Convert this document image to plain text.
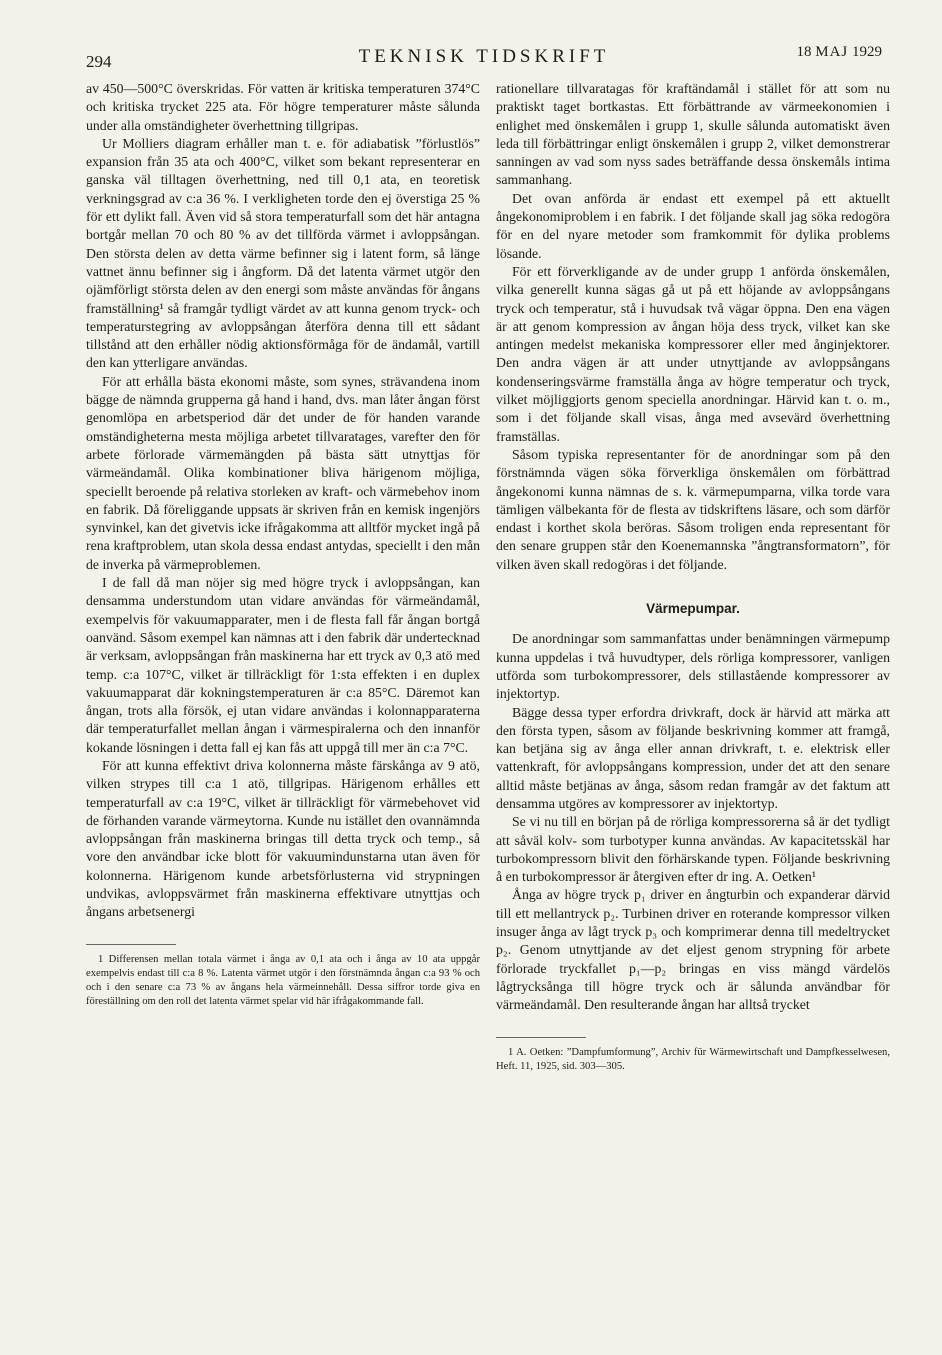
294	TEKNISK TIDSKRIFT	18 MAJ 1929

av 450—500°C överskridas. För vatten är kritiska temperaturen 374°C och kritiska trycket 225 ata. För högre temperaturer måste sålunda under alla omständigheter överhettning tillgripas.

Ur Molliers diagram erhåller man t. e. för adiabatisk ”förlustlös” expansion från 35 ata och 400°C, vilket som bekant representerar en ganska väl tilltagen överhettning, ned till 0,1 ata, en teoretisk verkningsgrad av c:a 36 %. I verkligheten torde den ej överstiga 25 % för ett dylikt fall. Även vid så stora temperaturfall som det här antagna bortgår mellan 70 och 80 % av det tillförda värmet i avloppsångan. Den största delen av detta värme befinner sig i latent form, så länge vattnet ännu befinner sig i ångform. Då det latenta värmet utgör den ojämförligt största delen av den energi som måste användas för ångans framställning¹ så framgår tydligt värdet av att kunna genom tryck- och temperaturstegring av avloppsångan återföra denna till ett sådant tillstånd att den erhåller nödig aktionsförmåga för de ändamål, vartill den kan ytterligare användas.

För att erhålla bästa ekonomi måste, som synes, strävandena inom bägge de nämnda grupperna gå hand i hand, dvs. man låter ångan först genomlöpa en arbetsperiod där det under de för handen varande omständigheterna mesta möjliga arbetet tillvaratages, varefter den för arbete förlorade värmemängden på bästa sätt utnyttjas för värmeändamål. Olika kombinationer bliva härigenom möjliga, speciellt beroende på relativa storleken av kraft- och värmebehov inom en fabrik. Då föreliggande uppsats är skriven från en kemisk ingenjörs synvinkel, kan det givetvis icke ifrågakomma att alltför mycket ingå på rena kraftproblem, utan skola dessa endast antydas, speciellt i den mån de inverka på värmeproblemen.

I de fall då man nöjer sig med högre tryck i avloppsångan, kan densamma understundom utan vidare användas för värmeändamål, exempelvis för vakuumapparater, men i de flesta fall får ångan bortgå oanvänd. Såsom exempel kan nämnas att i den fabrik där undertecknad är verksam, avloppsångan från maskinerna har ett tryck av 0,3 atö med temp. c:a 107°C, vilket är tillräckligt för 1:sta effekten i en duplex vakuumapparat där kokningstemperaturen är c:a 85°C. Däremot kan ångan, trots alla försök, ej utan vidare användas i kolonnapparaterna där temperaturfallet mellan ångan i värmespiralerna och den innanför kokande lösningen i detta fall ej kan fås att uppgå till mer än c:a 7°C.

För att kunna effektivt driva kolonnerna måste färskånga av 9 atö, vilken strypes till c:a 1 atö, tillgripas. Härigenom erhålles ett temperaturfall av c:a 19°C, vilket är tillräckligt för värmebehovet vid de förhanden varande värmeytorna. Kunde nu istället den ovannämnda avloppsångan från maskinerna bringas till detta tryck och temp., så vore den användbar icke blott för vakuumindunstarna utan även för kolonnerna. Härigenom kunde arbetsförlusterna vid strypningen undvikas, avloppsvärmet från maskinerna effektivare utnyttjas och ångans arbetsenergi

1 Differensen mellan totala värmet i ånga av 0,1 ata och i ånga av 10 ata uppgår exempelvis endast till c:a 8 %. Latenta värmet utgör i den förstnämnda ångan c:a 93 % och och i den senare c:a 73 % av ångans hela värmeinnehåll. Dessa siffror torde giva en föreställning om den roll det latenta värmet spelar vid här ifrågakommande fall.

rationellare tillvaratagas för kraftändamål i stället för att som nu praktiskt taget bortkastas. Ett förbättrande av värmeekonomien i enlighet med önskemålen i grupp 1, skulle sålunda automatiskt även leda till förbättringar enligt önskemålen i grupp 2, vilket demonstrerar sanningen av vad som nyss sades beträffande dessa önskemåls intima sammanhang.

Det ovan anförda är endast ett exempel på ett aktuellt ångekonomiproblem i en fabrik. I det följande skall jag söka redogöra för en del nyare metoder som framkommit för dylika problems lösande.

För ett förverkligande av de under grupp 1 anförda önskemålen, vilka generellt kunna sägas gå ut på ett höjande av avloppsångans tryck och temperatur, stå i huvudsak två vägar öppna. Den ena vägen är att genom kompression av ångan höja dess tryck, vilket kan ske antingen medelst mekaniska kompressorer eller med ånginjektorer. Den andra vägen är att under utnyttjande av avloppsångans kondenseringsvärme framställa ånga av högre temperatur och tryck, vilket möjliggjorts genom speciella anordningar. Härvid kan t. o. m., som i det följande skall visas, ånga med avsevärd överhettning framställas.

Såsom typiska representanter för de anordningar som på den förstnämnda vägen söka förverkliga önskemålen om förbättrad ångekonomi kunna nämnas de s. k. värmepumparna, vilka torde vara tämligen välbekanta för de flesta av tidskriftens läsare, och som därför endast i korthet skola beröras. Såsom troligen enda representant för den senare gruppen står den Koenemannska ”ångtransformatorn”, för vilken även skall redogöras i det följande.

Värmepumpar.

De anordningar som sammanfattas under benämningen värmepump kunna uppdelas i två huvudtyper, dels rörliga kompressorer, vanligen utförda som turbokompressorer, dels stillastående kompressorer av injektortyp.

Bägge dessa typer erfordra drivkraft, dock är härvid att märka att den första typen, såsom av följande beskrivning kommer att framgå, kan betjäna sig av ånga eller annan drivkraft, t. e. elektrisk eller vattenkraft, för avloppsångans kompression, under det att den senare alltid måste betjänas av ånga, såsom redan framgår av det faktum att densamma utgöres av kompressorer av injektortyp.

Se vi nu till en början på de rörliga kompressorerna så är det tydligt att såväl kolv- som turbotyper kunna användas. Av kapacitetsskäl har turbokompressorn blivit den förhärskande typen. Följande beskrivning å en turbokompressor är återgiven efter dr ing. A. Oetken¹

Ånga av högre tryck p₁ driver en ångturbin och expanderar därvid till ett mellantryck p₂. Turbinen driver en roterande kompressor vilken insuger ånga av lågt tryck p₃ och komprimerar denna till medeltrycket p₂. Genom utnyttjande av det eljest genom strypning för arbete förlorade tryckfallet p₁—p₂ bringas en viss mängd värdelös lågtrycksånga till högre tryck och är sålunda användbar för värmeändamål. Den resulterande ångan har alltså trycket

1 A. Oetken: ”Dampfumformung”, Archiv für Wärmewirtschaft und Dampfkesselwesen, Heft. 11, 1925, sid. 303—305.
